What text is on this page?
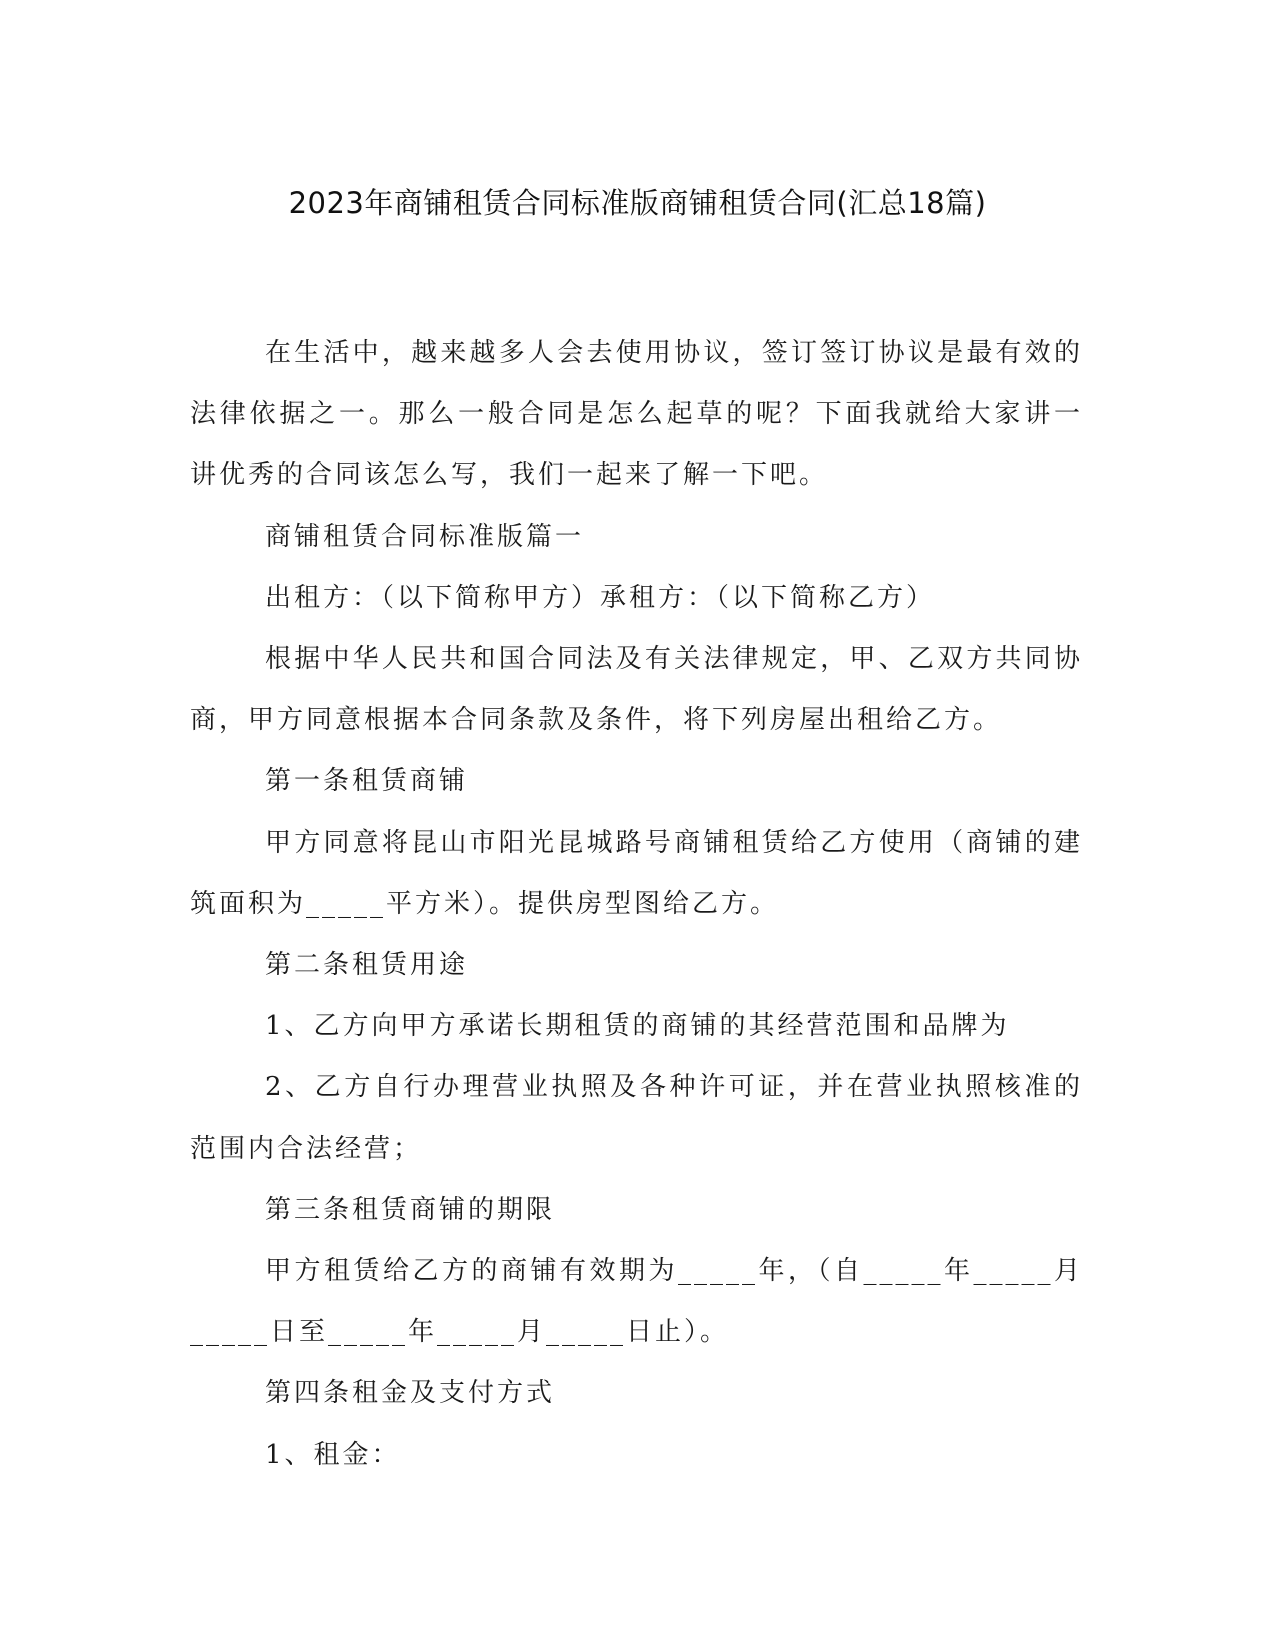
2023年商铺租赁合同标准版商铺租赁合同(汇总18篇)

在生活中，越来越多人会去使用协议，签订签订协议是最有效的法律依据之一。那么一般合同是怎么起草的呢？下面我就给大家讲一讲优秀的合同该怎么写，我们一起来了解一下吧。

商铺租赁合同标准版篇一

出租方：（以下简称甲方）承租方：（以下简称乙方）

根据中华人民共和国合同法及有关法律规定，甲、乙双方共同协商，甲方同意根据本合同条款及条件，将下列房屋出租给乙方。

第一条租赁商铺

甲方同意将昆山市阳光昆城路号商铺租赁给乙方使用（商铺的建筑面积为_____平方米）。提供房型图给乙方。

第二条租赁用途

1、乙方向甲方承诺长期租赁的商铺的其经营范围和品牌为

2、乙方自行办理营业执照及各种许可证，并在营业执照核准的范围内合法经营；

第三条租赁商铺的期限

甲方租赁给乙方的商铺有效期为_____年，（自_____年_____月_____日至_____年_____月_____日止）。

第四条租金及支付方式

1、租金：
